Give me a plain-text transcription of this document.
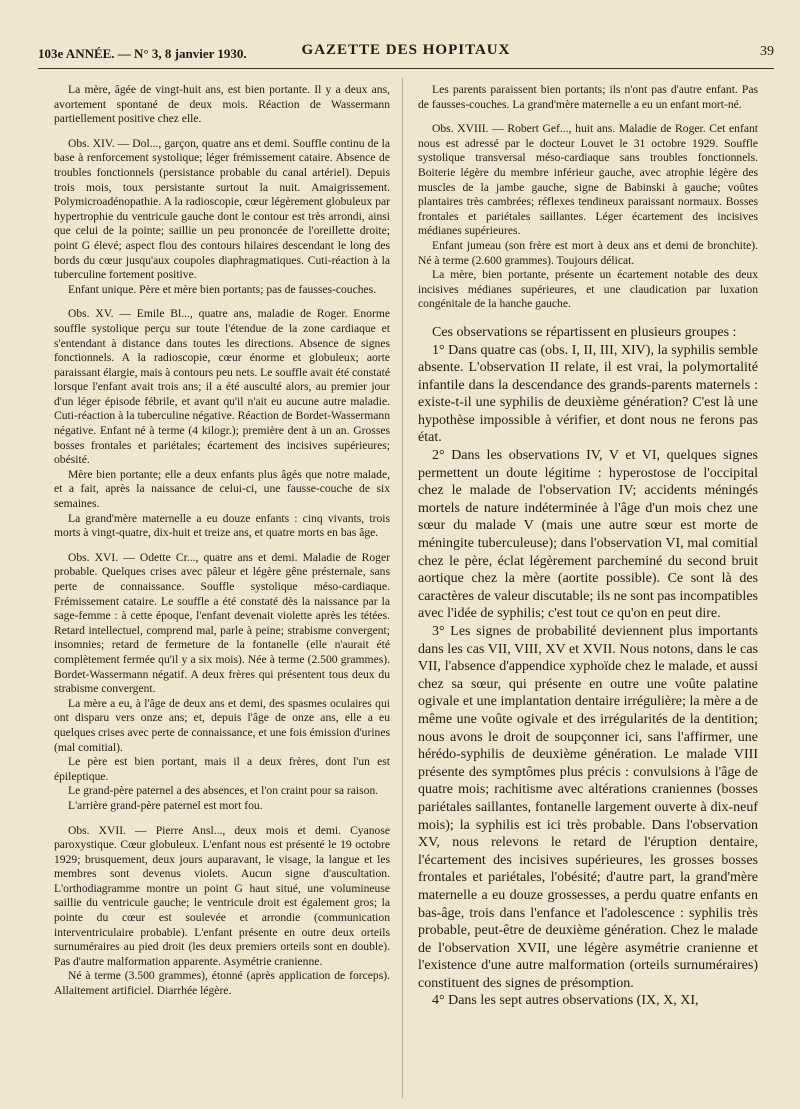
103e ANNÉE. — N° 3, 8 janvier 1930.	GAZETTE DES HOPITAUX	39

La mère, âgée de vingt-huit ans, est bien portante. Il y a deux ans, avortement spontané de deux mois. Réaction de Wassermann partiellement positive chez elle.

Obs. XIV. — Dol..., garçon, quatre ans et demi. Souffle continu de la base à renforcement systolique; léger frémissement cataire. Absence de troubles fonctionnels (persistance probable du canal artériel). Depuis trois mois, toux persistante surtout la nuit. Amaigrissement. Polymicroadénopathie. A la radioscopie, cœur légèrement globuleux par hypertrophie du ventricule gauche dont le contour est très arrondi, ainsi que celui de la pointe; saillie un peu prononcée de l'oreillette droite; point G élevé; aspect flou des contours hilaires descendant le long des bords du cœur jusqu'aux coupoles diaphragmatiques. Cuti-réaction à la tuberculine fortement positive.

Enfant unique. Père et mère bien portants; pas de fausses-couches.

Obs. XV. — Emile Bl..., quatre ans, maladie de Roger. Enorme souffle systolique perçu sur toute l'étendue de la zone cardiaque et s'entendant à distance dans toutes les directions. Absence de signes fonctionnels. A la radioscopie, cœur énorme et globuleux; aorte paraissant élargie, mais à contours peu nets. Le souffle avait été constaté lorsque l'enfant avait trois ans; il a été ausculté alors, au premier jour d'un léger épisode fébrile, et avant qu'il n'ait eu aucune autre maladie. Cuti-réaction à la tuberculine négative. Réaction de Bordet-Wassermann négative. Enfant né à terme (4 kilogr.); première dent à un an. Grosses bosses frontales et pariétales; écartement des incisives supérieures; obésité.

Mère bien portante; elle a deux enfants plus âgés que notre malade, et a fait, après la naissance de celui-ci, une fausse-couche de six semaines.

La grand'mère maternelle a eu douze enfants : cinq vivants, trois morts à vingt-quatre, dix-huit et treize ans, et quatre morts en bas âge.

Obs. XVI. — Odette Cr..., quatre ans et demi. Maladie de Roger probable. Quelques crises avec pâleur et légère gêne présternale, sans perte de connaissance. Souffle systolique méso-cardiaque. Frémissement cataire. Le souffle a été constaté dès la naissance par la sage-femme : à cette époque, l'enfant devenait violette après les tétées. Retard intellectuel, comprend mal, parle à peine; strabisme convergent; insomnies; retard de fermeture de la fontanelle (elle n'aurait été complètement fermée qu'il y a six mois). Née à terme (2.500 grammes). Bordet-Wassermann négatif. A deux frères qui présentent tous deux du strabisme convergent.

La mère a eu, à l'âge de deux ans et demi, des spasmes oculaires qui ont disparu vers onze ans; et, depuis l'âge de onze ans, elle a eu quelques crises avec perte de connaissance, et une fois émission d'urines (mal comitial).

Le père est bien portant, mais il a deux frères, dont l'un est épileptique.

Le grand-père paternel a des absences, et l'on craint pour sa raison.

L'arrière grand-père paternel est mort fou.

Obs. XVII. — Pierre Ansl..., deux mois et demi. Cyanose paroxystique. Cœur globuleux. L'enfant nous est présenté le 19 octobre 1929; brusquement, deux jours auparavant, le visage, la langue et les membres sont devenus violets. Aucun signe d'auscultation. L'orthodiagramme montre un point G haut situé, une volumineuse saillie du ventricule gauche; le ventricule droit est également gros; la pointe du cœur est soulevée et arrondie (communication interventriculaire probable). L'enfant présente en outre deux orteils surnuméraires au pied droit (les deux premiers orteils sont en double). Pas d'autre malformation apparente. Asymétrie cranienne.

Né à terme (3.500 grammes), étonné (après application de forceps). Allaitement artificiel. Diarrhée légère.

Les parents paraissent bien portants; ils n'ont pas d'autre enfant. Pas de fausses-couches. La grand'mère maternelle a eu un enfant mort-né.

Obs. XVIII. — Robert Gef..., huit ans. Maladie de Roger. Cet enfant nous est adressé par le docteur Louvet le 31 octobre 1929. Souffle systolique transversal méso-cardiaque sans troubles fonctionnels. Boiterie légère du membre inférieur gauche, avec atrophie légère des muscles de la jambe gauche, signe de Babinski à gauche; voûtes plantaires très cambrées; réflexes tendineux paraissant normaux. Bosses frontales et pariétales saillantes. Léger écartement des incisives médianes supérieures.

Enfant jumeau (son frère est mort à deux ans et demi de bronchite). Né à terme (2.600 grammes). Toujours délicat.

La mère, bien portante, présente un écartement notable des deux incisives médianes supérieures, et une claudication par luxation congénitale de la hanche gauche.

Ces observations se répartissent en plusieurs groupes :

1° Dans quatre cas (obs. I, II, III, XIV), la syphilis semble absente. L'observation II relate, il est vrai, la polymortalité infantile dans la descendance des grands-parents maternels : existe-t-il une syphilis de deuxième génération? C'est là une hypothèse impossible à vérifier, et dont nous ne ferons pas état.

2° Dans les observations IV, V et VI, quelques signes permettent un doute légitime : hyperostose de l'occipital chez le malade de l'observation IV; accidents méningés mortels de nature indéterminée à l'âge d'un mois chez une sœur du malade V (mais une autre sœur est morte de méningite tuberculeuse); dans l'observation VI, mal comitial chez le père, éclat légèrement parcheminé du second bruit aortique chez la mère (aortite possible). Ce sont là des caractères de valeur discutable; ils ne sont pas incompatibles avec l'idée de syphilis; c'est tout ce qu'on en peut dire.

3° Les signes de probabilité deviennent plus importants dans les cas VII, VIII, XV et XVII. Nous notons, dans le cas VII, l'absence d'appendice xyphoïde chez le malade, et aussi chez sa sœur, qui présente en outre une voûte palatine ogivale et une implantation dentaire irrégulière; la mère a de même une voûte ogivale et des irrégularités de la dentition; nous avons le droit de soupçonner ici, sans l'affirmer, une hérédo-syphilis de deuxième génération. Le malade VIII présente des symptômes plus précis : convulsions à l'âge de quatre mois; rachitisme avec altérations craniennes (bosses pariétales saillantes, fontanelle largement ouverte à dix-neuf mois); la syphilis est ici très probable. Dans l'observation XV, nous relevons le retard de l'éruption dentaire, l'écartement des incisives supérieures, les grosses bosses frontales et pariétales, l'obésité; d'autre part, la grand'mère maternelle a eu douze grossesses, a perdu quatre enfants en bas-âge, trois dans l'enfance et l'adolescence : syphilis très probable, peut-être de deuxième génération. Chez le malade de l'observation XVII, une légère asymétrie cranienne et l'existence d'une autre malformation (orteils surnuméraires) constituent des signes de présomption.

4° Dans les sept autres observations (IX, X, XI,
